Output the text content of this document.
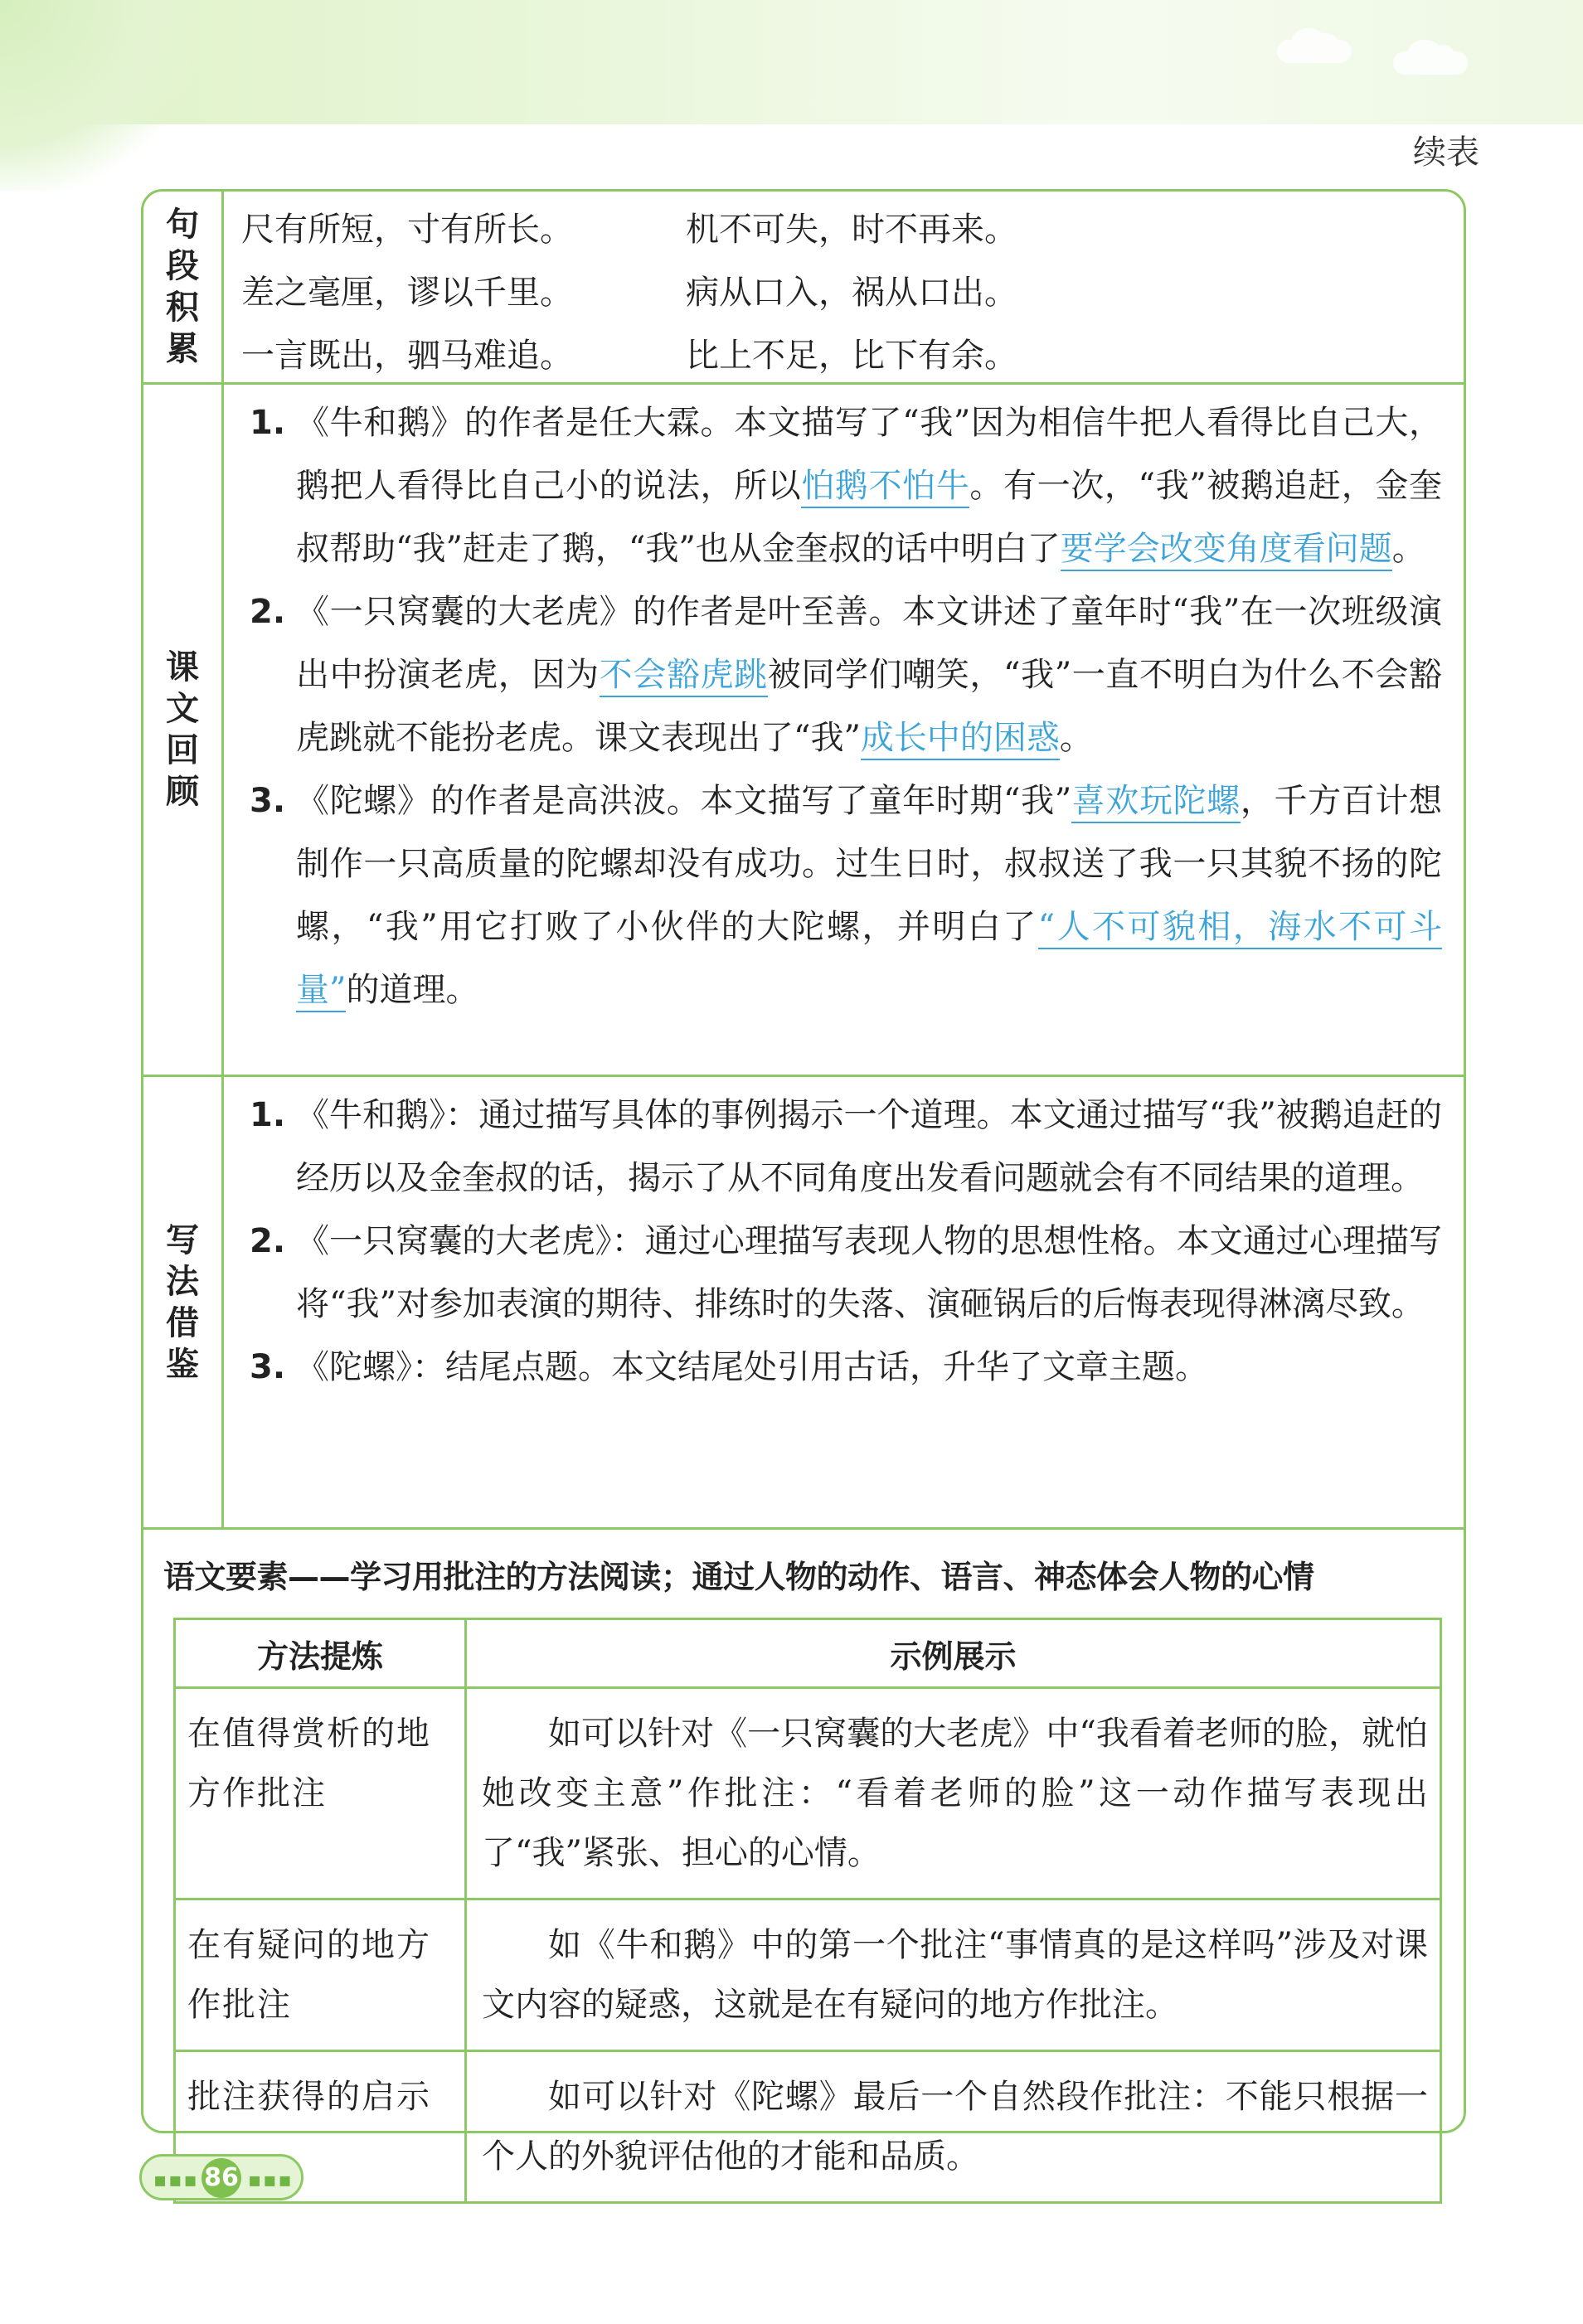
续表
句
段
积
累
尺有所短，寸有所长。	机不可失，时不再来。
差之毫厘，谬以千里。	病从口入，祸从口出。
一言既出，驷马难追。	比上不足，比下有余。
课
文
回
顾
1. 《牛和鹅》的作者是任大霖。本文描写了“我”因为相信牛把人看得比自己大，鹅把人看得比自己小的说法，所以怕鹅不怕牛。有一次，“我”被鹅追赶，金奎叔帮助“我”赶走了鹅，“我”也从金奎叔的话中明白了要学会改变角度看问题。
2. 《一只窝囊的大老虎》的作者是叶至善。本文讲述了童年时“我”在一次班级演出中扮演老虎，因为不会豁虎跳被同学们嘲笑，“我”一直不明白为什么不会豁虎跳就不能扮老虎。课文表现出了“我”成长中的困惑。
3. 《陀螺》的作者是高洪波。本文描写了童年时期“我”喜欢玩陀螺，千方百计想制作一只高质量的陀螺却没有成功。过生日时，叔叔送了我一只其貌不扬的陀螺，“我”用它打败了小伙伴的大陀螺，并明白了“人不可貌相，海水不可斗量”的道理。
写
法
借
鉴
1. 《牛和鹅》：通过描写具体的事例揭示一个道理。本文通过描写“我”被鹅追赶的经历以及金奎叔的话，揭示了从不同角度出发看问题就会有不同结果的道理。
2. 《一只窝囊的大老虎》：通过心理描写表现人物的思想性格。本文通过心理描写将“我”对参加表演的期待、排练时的失落、演砸锅后的后悔表现得淋漓尽致。
3. 《陀螺》：结尾点题。本文结尾处引用古话，升华了文章主题。
语文要素——学习用批注的方法阅读；通过人物的动作、语言、神态体会人物的心情
方法提炼	示例展示
在值得赏析的地方作批注	如可以针对《一只窝囊的大老虎》中“我看着老师的脸，就怕她改变主意”作批注：“看着老师的脸”这一动作描写表现出了“我”紧张、担心的心情。
在有疑问的地方作批注	如《牛和鹅》中的第一个批注“事情真的是这样吗”涉及对课文内容的疑惑，这就是在有疑问的地方作批注。
批注获得的启示	如可以针对《陀螺》最后一个自然段作批注：不能只根据一个人的外貌评估他的才能和品质。
▪▪▪ 86 ▪▪▪
